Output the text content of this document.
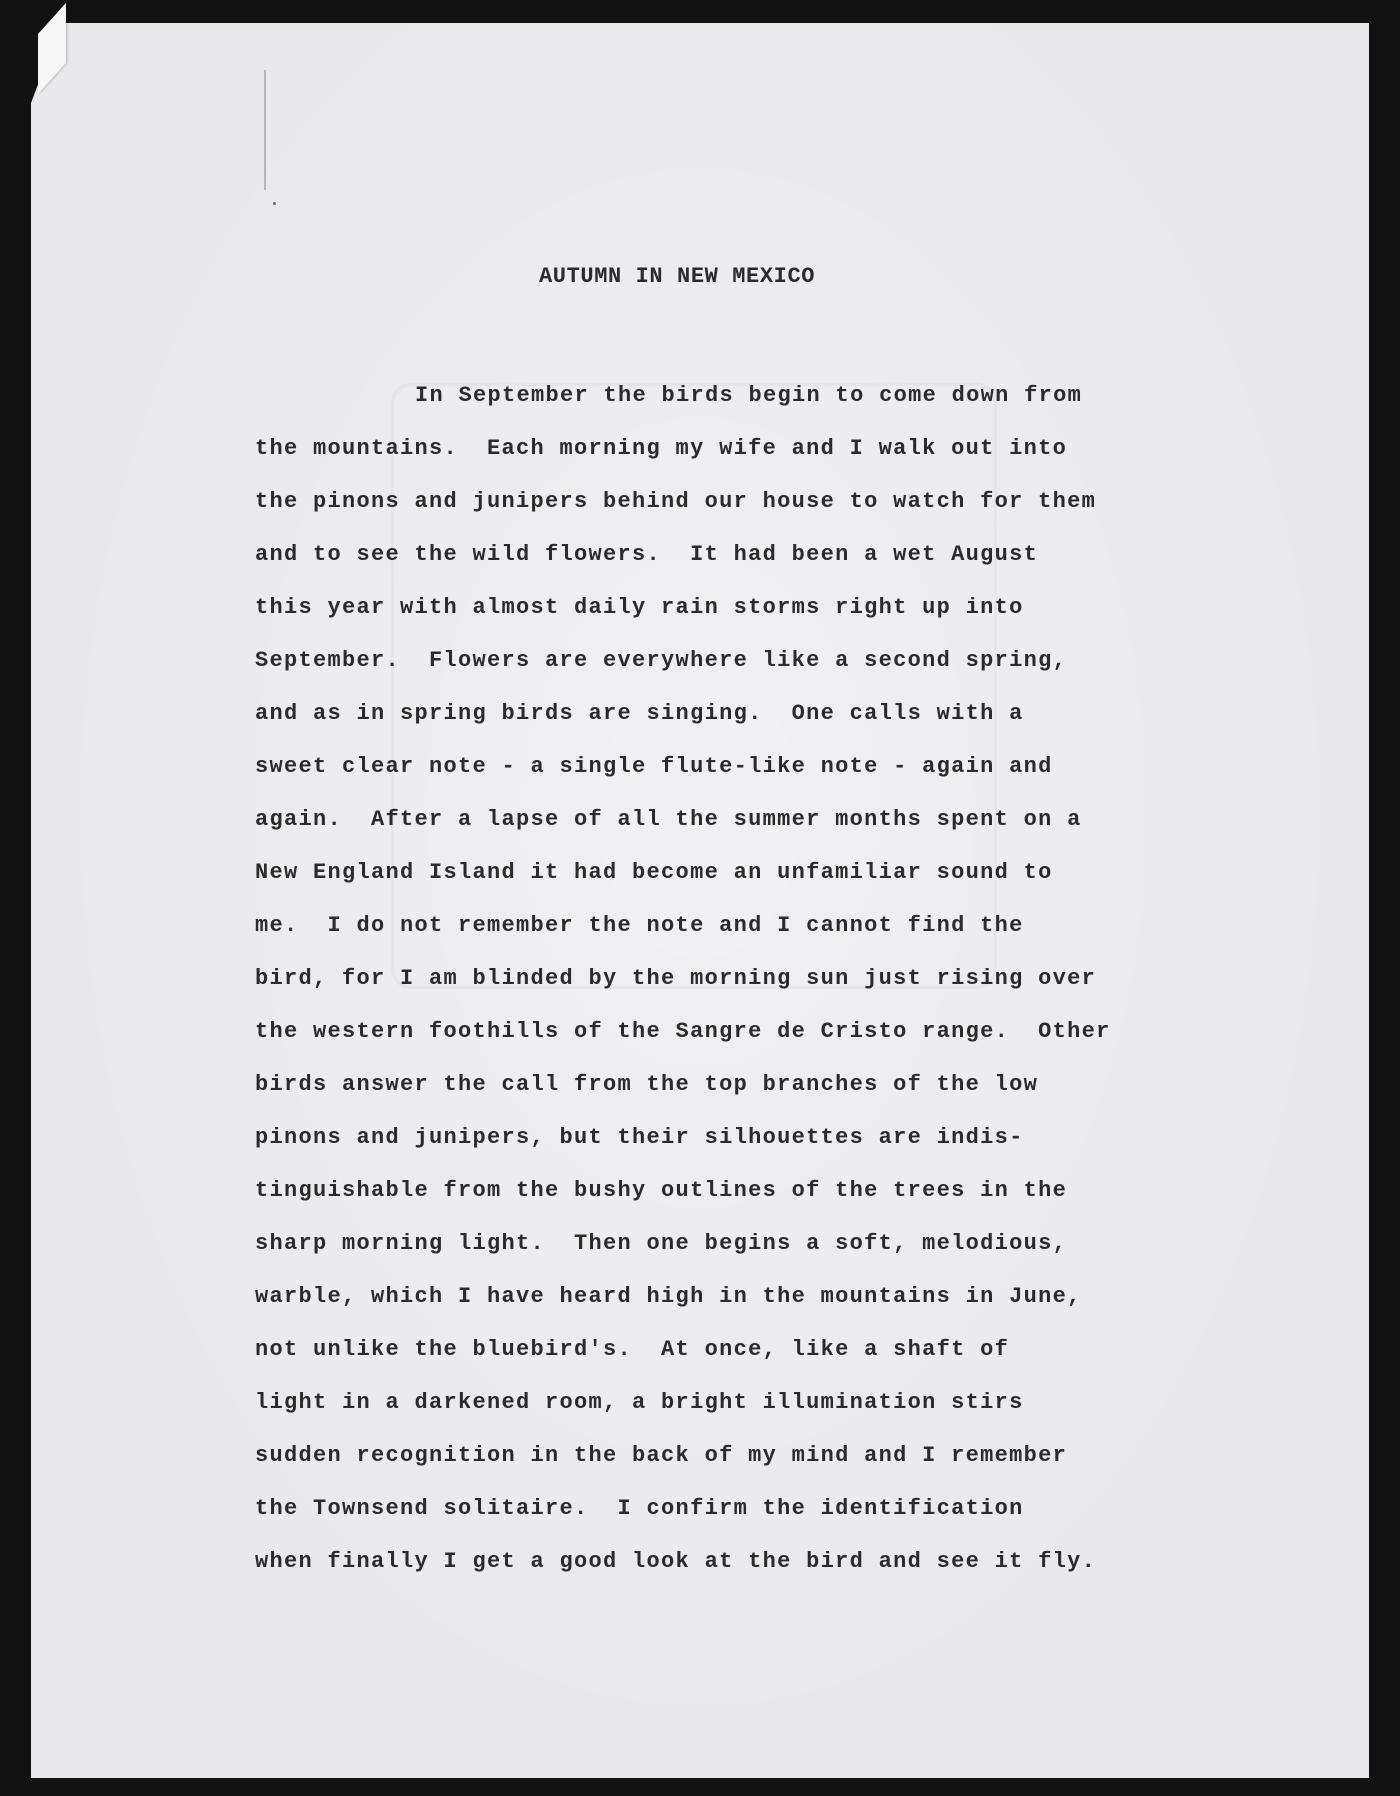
AUTUMN IN NEW MEXICO
In September the birds begin to come down from
the mountains.  Each morning my wife and I walk out into
the pinons and junipers behind our house to watch for them
and to see the wild flowers.  It had been a wet August
this year with almost daily rain storms right up into
September.  Flowers are everywhere like a second spring,
and as in spring birds are singing.  One calls with a
sweet clear note - a single flute-like note - again and
again.  After a lapse of all the summer months spent on a
New England Island it had become an unfamiliar sound to
me.  I do not remember the note and I cannot find the
bird, for I am blinded by the morning sun just rising over
the western foothills of the Sangre de Cristo range.  Other
birds answer the call from the top branches of the low
pinons and junipers, but their silhouettes are indis-
tinguishable from the bushy outlines of the trees in the
sharp morning light.  Then one begins a soft, melodious,
warble, which I have heard high in the mountains in June,
not unlike the bluebird's.  At once, like a shaft of
light in a darkened room, a bright illumination stirs
sudden recognition in the back of my mind and I remember
the Townsend solitaire.  I confirm the identification
when finally I get a good look at the bird and see it fly.
